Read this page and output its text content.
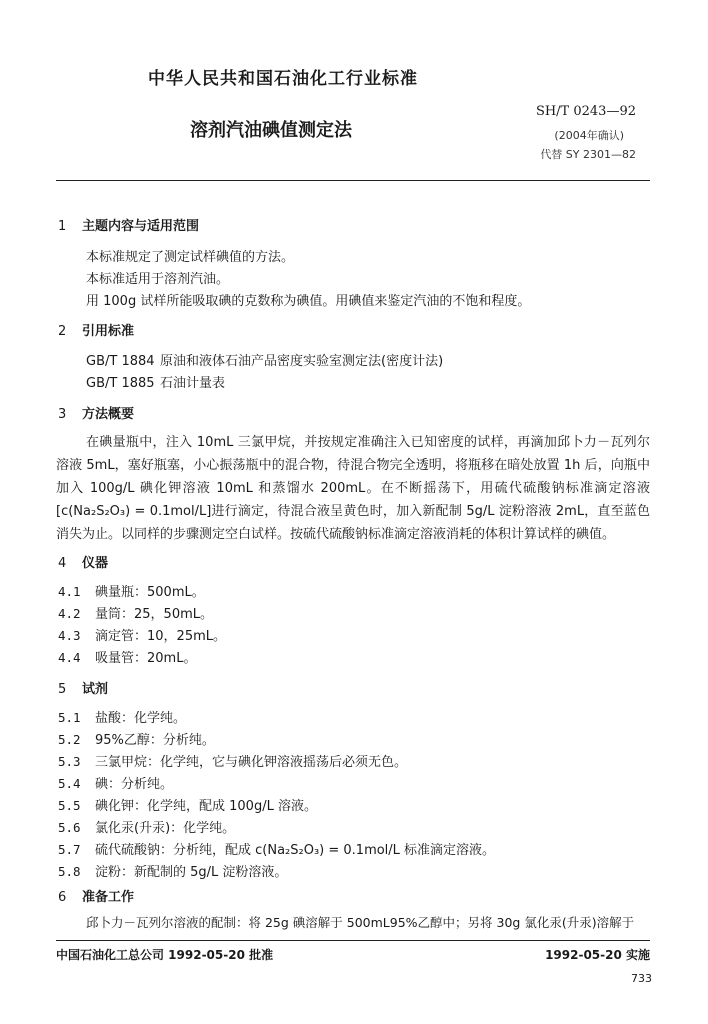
中华人民共和国石油化工行业标准
溶剂汽油碘值测定法
SH/T 0243—92
(2004年确认)
代替 SY 2301—82
1 主题内容与适用范围
本标准规定了测定试样碘值的方法。
本标准适用于溶剂汽油。
用 100g 试样所能吸取碘的克数称为碘值。用碘值来鉴定汽油的不饱和程度。
2 引用标准
GB/T 1884 原油和液体石油产品密度实验室测定法(密度计法)
GB/T 1885 石油计量表
3 方法概要
在碘量瓶中，注入 10mL 三氯甲烷，并按规定准确注入已知密度的试样，再滴加邱卜力－瓦列尔溶液 5mL，塞好瓶塞，小心振荡瓶中的混合物，待混合物完全透明，将瓶移在暗处放置 1h 后，向瓶中加入 100g/L 碘化钾溶液 10mL 和蒸馏水 200mL。在不断摇荡下，用硫代硫酸钠标准滴定溶液[c(Na₂S₂O₃) = 0.1mol/L]进行滴定，待混合液呈黄色时，加入新配制 5g/L 淀粉溶液 2mL，直至蓝色消失为止。以同样的步骤测定空白试样。按硫代硫酸钠标准滴定溶液消耗的体积计算试样的碘值。
4 仪器
4.1 碘量瓶：500mL。
4.2 量筒：25，50mL。
4.3 滴定管：10，25mL。
4.4 吸量管：20mL。
5 试剂
5.1 盐酸：化学纯。
5.2 95%乙醇：分析纯。
5.3 三氯甲烷：化学纯，它与碘化钾溶液摇荡后必须无色。
5.4 碘：分析纯。
5.5 碘化钾：化学纯，配成 100g/L 溶液。
5.6 氯化汞(升汞)：化学纯。
5.7 硫代硫酸钠：分析纯，配成 c(Na₂S₂O₃) = 0.1mol/L 标准滴定溶液。
5.8 淀粉：新配制的 5g/L 淀粉溶液。
6 准备工作
邱卜力－瓦列尔溶液的配制：将 25g 碘溶解于 500mL95%乙醇中；另将 30g 氯化汞(升汞)溶解于
中国石油化工总公司 1992-05-20 批准	1992-05-20 实施
733
